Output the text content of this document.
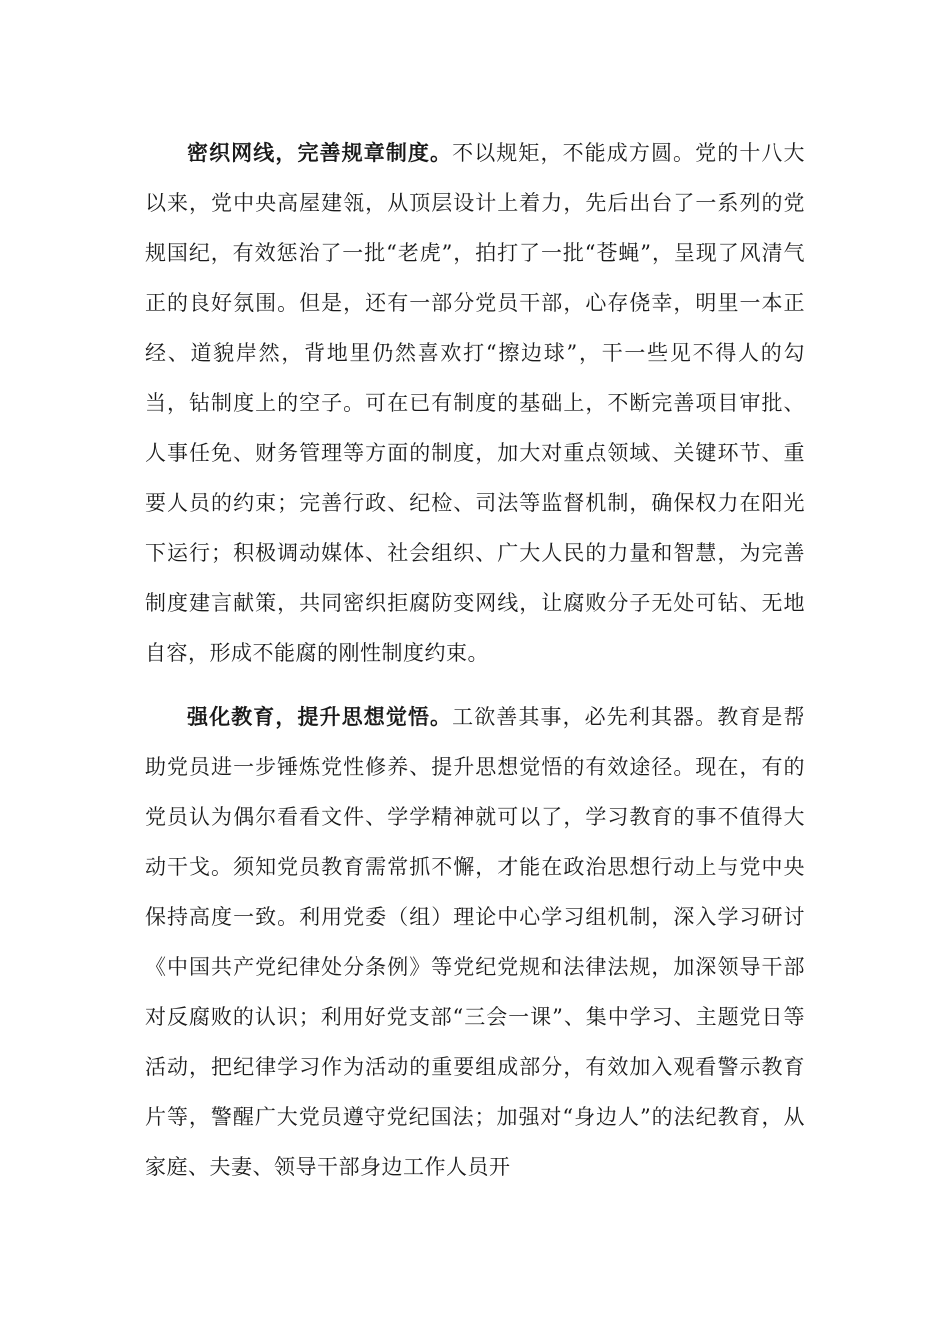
密织网线，完善规章制度。不以规矩，不能成方圆。党的十八大以来，党中央高屋建瓴，从顶层设计上着力，先后出台了一系列的党规国纪，有效惩治了一批“老虎”，拍打了一批“苍蝇”，呈现了风清气正的良好氛围。但是，还有一部分党员干部，心存侥幸，明里一本正经、道貌岸然，背地里仍然喜欢打“擦边球”，干一些见不得人的勾当，钻制度上的空子。可在已有制度的基础上，不断完善项目审批、人事任免、财务管理等方面的制度，加大对重点领域、关键环节、重要人员的约束；完善行政、纪检、司法等监督机制，确保权力在阳光下运行；积极调动媒体、社会组织、广大人民的力量和智慧，为完善制度建言献策，共同密织拒腐防变网线，让腐败分子无处可钻、无地自容，形成不能腐的刚性制度约束。

强化教育，提升思想觉悟。工欲善其事，必先利其器。教育是帮助党员进一步锤炼党性修养、提升思想觉悟的有效途径。现在，有的党员认为偶尔看看文件、学学精神就可以了，学习教育的事不值得大动干戈。须知党员教育需常抓不懈，才能在政治思想行动上与党中央保持高度一致。利用党委（组）理论中心学习组机制，深入学习研讨《中国共产党纪律处分条例》等党纪党规和法律法规，加深领导干部对反腐败的认识；利用好党支部“三会一课”、集中学习、主题党日等活动，把纪律学习作为活动的重要组成部分，有效加入观看警示教育片等，警醒广大党员遵守党纪国法；加强对“身边人”的法纪教育，从家庭、夫妻、领导干部身边工作人员开
